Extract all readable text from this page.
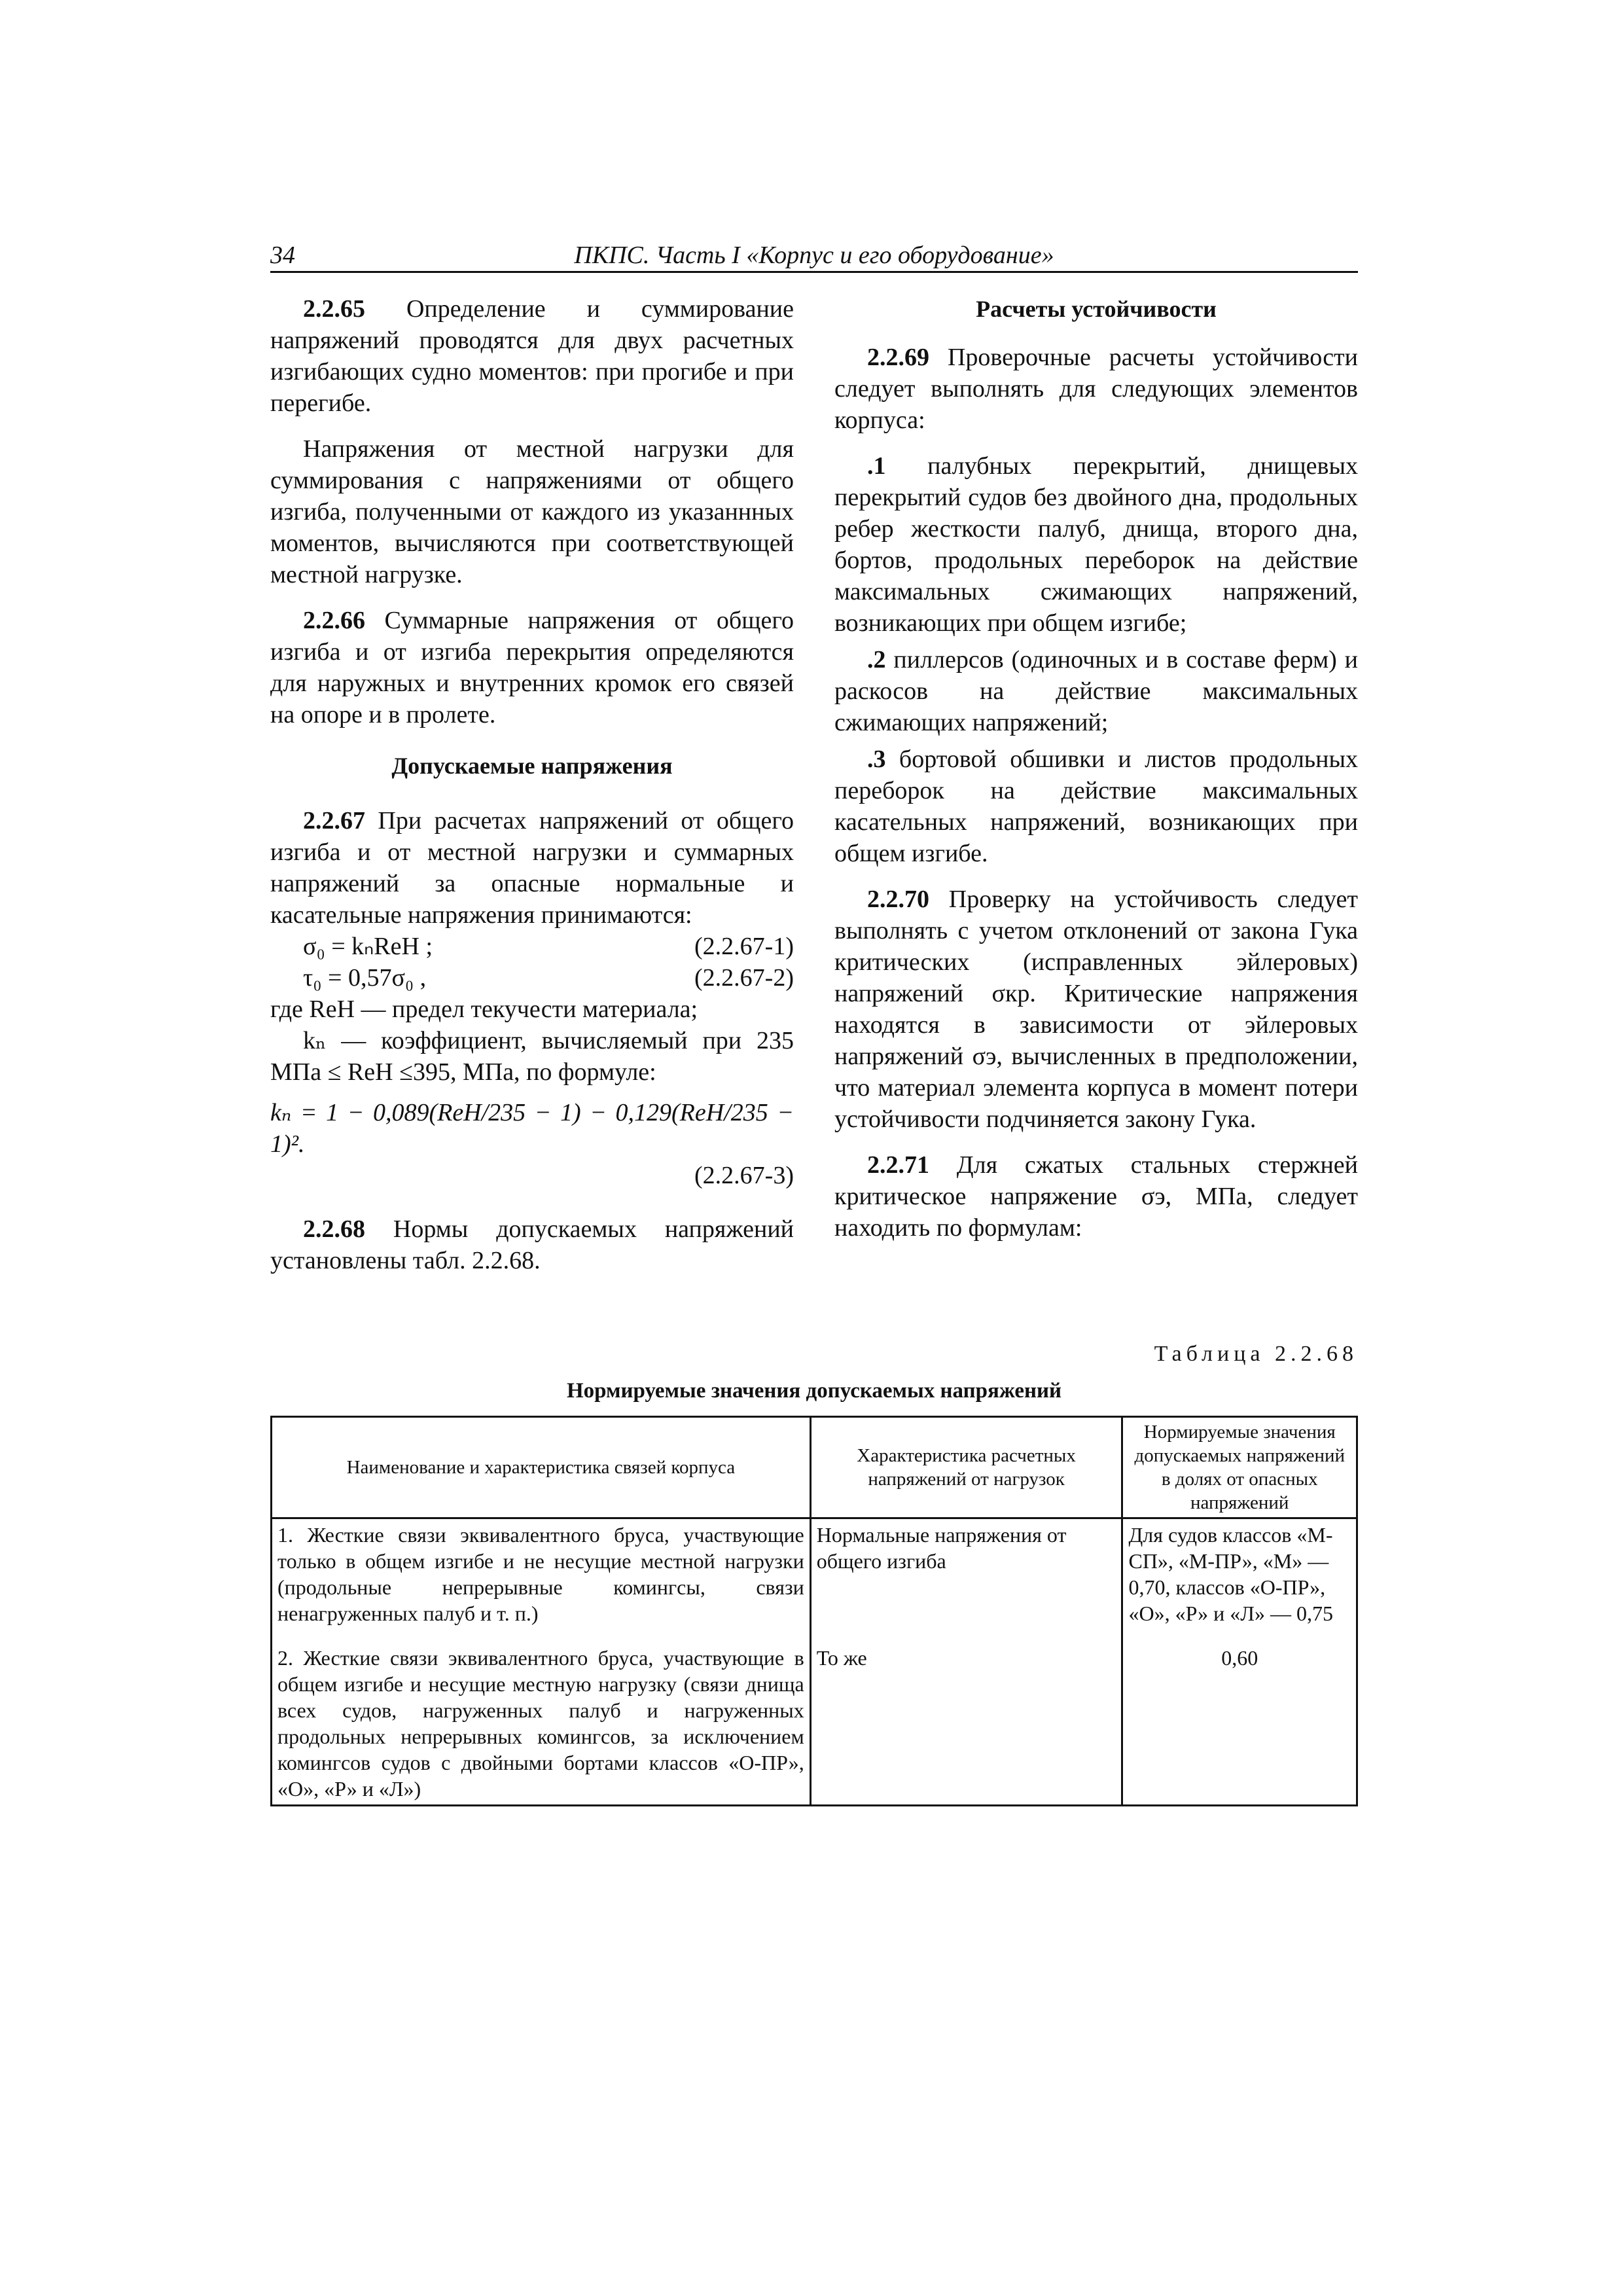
34	ПКПС. Часть I «Корпус и его оборудование»

2.2.65 Определение и суммирование напряжений проводятся для двух расчетных изгибающих судно моментов: при прогибе и при перегибе.

Напряжения от местной нагрузки для суммирования с напряжениями от общего изгиба, полученными от каждого из указаннных моментов, вычисляются при соответствующей местной нагрузке.

2.2.66 Суммарные напряжения от общего изгиба и от изгиба перекрытия определяются для наружных и внутренних кромок его связей на опоре и в пролете.

Допускаемые напряжения

2.2.67 При расчетах напряжений от общего изгиба и от местной нагрузки и суммарных напряжений за опасные нормальные и касательные напряжения принимаются:

σ₀ = kₙReН ;	(2.2.67-1)
τ₀ = 0,57σ₀ ,	(2.2.67-2)

где ReН — предел текучести материала;

kₙ — коэффициент, вычисляемый при 235 МПа ≤ ReН ≤395, МПа, по формуле:

kₙ = 1 − 0,089(ReН/235 − 1) − 0,129(ReН/235 − 1)².

(2.2.67-3)

2.2.68 Нормы допускаемых напряжений установлены табл. 2.2.68.

Расчеты устойчивости

2.2.69 Проверочные расчеты устойчивости следует выполнять для следующих элементов корпуса:

.1 палубных перекрытий, днищевых перекрытий судов без двойного дна, продольных ребер жесткости палуб, днища, второго дна, бортов, продольных переборок на действие максимальных сжимающих напряжений, возникающих при общем изгибе;

.2 пиллерсов (одиночных и в составе ферм) и раскосов на действие максимальных сжимающих напряжений;

.3 бортовой обшивки и листов продольных переборок на действие максимальных касательных напряжений, возникающих при общем изгибе.

2.2.70 Проверку на устойчивость следует выполнять с учетом отклонений от закона Гука критических (исправленных эйлеровых) напряжений σкр. Критические напряжения находятся в зависимости от эйлеровых напряжений σэ, вычисленных в предположении, что материал элемента корпуса в момент потери устойчивости подчиняется закону Гука.

2.2.71 Для сжатых стальных стержней критическое напряжение σэ, МПа, следует находить по формулам:

Таблица 2.2.68
Нормируемые значения допускаемых напряжений
Наименование и характеристика связей корпуса	Характеристика расчетных напряжений от нагрузок	Нормируемые значения допускаемых напряжений в долях от опасных напряжений
1. Жесткие связи эквивалентного бруса, участвующие только в общем изгибе и не несущие местной нагрузки (продольные непрерывные комингсы, связи ненагруженных палуб и т. п.)	Нормальные напряжения от общего изгиба	Для судов классов «М-СП», «М-ПР», «М» — 0,70, классов «О-ПР», «О», «Р» и «Л» — 0,75
2. Жесткие связи эквивалентного бруса, участвующие в общем изгибе и несущие местную нагрузку (связи днища всех судов, нагруженных палуб и нагруженных продольных непрерывных комингсов, за исключением комингсов судов с двойными бортами классов «О-ПР», «О», «Р» и «Л»)	То же	0,60
